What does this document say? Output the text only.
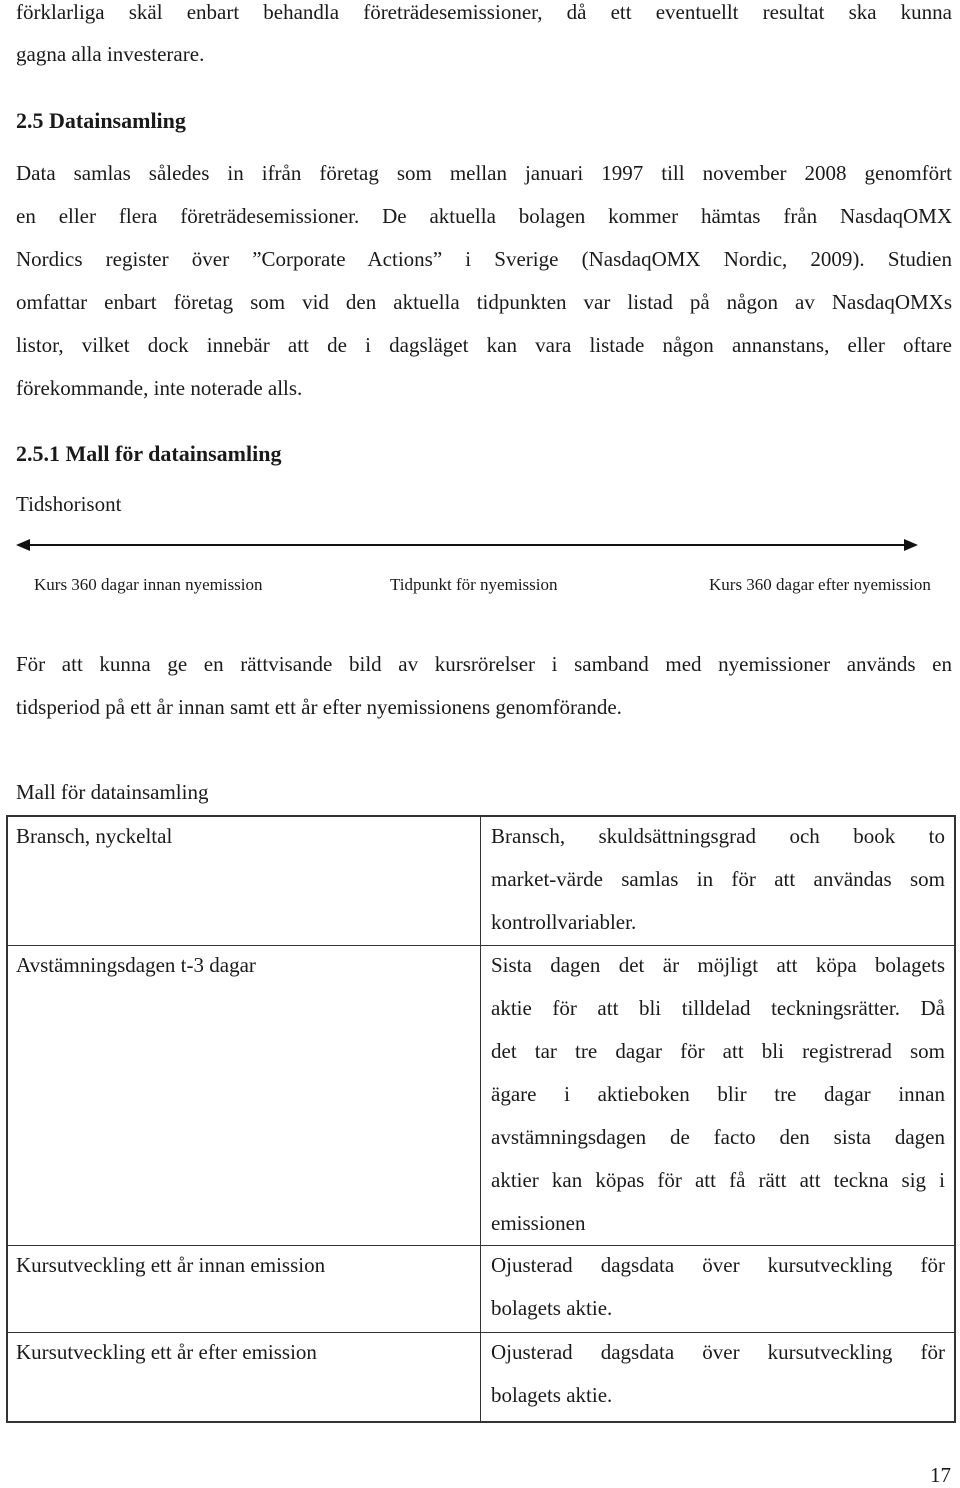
förklarliga skäl enbart behandla företrädesemissioner, då ett eventuellt resultat ska kunna
gagna alla investerare.
2.5 Datainsamling
Data samlas således in ifrån företag som mellan januari 1997 till november 2008 genomfört
en eller flera företrädesemissioner. De aktuella bolagen kommer hämtas från NasdaqOMX
Nordics register över ”Corporate Actions” i Sverige (NasdaqOMX Nordic, 2009). Studien
omfattar enbart företag som vid den aktuella tidpunkten var listad på någon av NasdaqOMXs
listor, vilket dock innebär att de i dagsläget kan vara listade någon annanstans, eller oftare
förekommande, inte noterade alls.
2.5.1 Mall för datainsamling
Tidshorisont
Kurs 360 dagar innan nyemission	Tidpunkt för nyemission	Kurs 360 dagar efter nyemission
För att kunna ge en rättvisande bild av kursrörelser i samband med nyemissioner används en
tidsperiod på ett år innan samt ett år efter nyemissionens genomförande.
Mall för datainsamling
Bransch, nyckeltal	Bransch, skuldsättningsgrad och book to
market-värde samlas in för att användas som
kontrollvariabler.
Avstämningsdagen t-3 dagar	Sista dagen det är möjligt att köpa bolagets
aktie för att bli tilldelad teckningsrätter. Då
det tar tre dagar för att bli registrerad som
ägare i aktieboken blir tre dagar innan
avstämningsdagen de facto den sista dagen
aktier kan köpas för att få rätt att teckna sig i
emissionen
Kursutveckling ett år innan emission	Ojusterad dagsdata över kursutveckling för
bolagets aktie.
Kursutveckling ett år efter emission	Ojusterad dagsdata över kursutveckling för
bolagets aktie.
17
